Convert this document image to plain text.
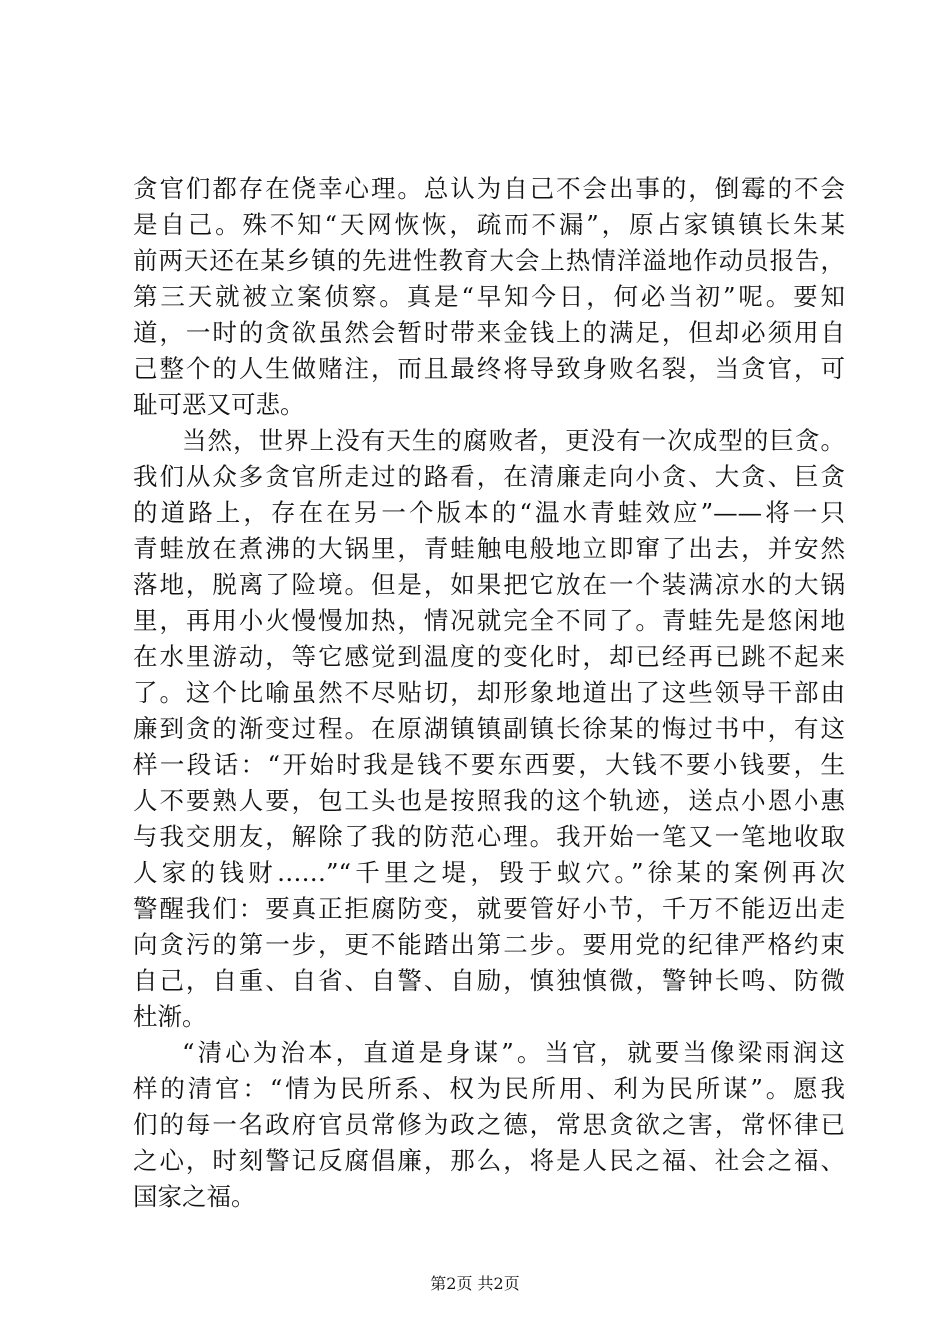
贪官们都存在侥幸心理。总认为自己不会出事的，倒霉的不会
是自己。殊不知“天网恢恢，疏而不漏”，原占家镇镇长朱某
前两天还在某乡镇的先进性教育大会上热情洋溢地作动员报告，
第三天就被立案侦察。真是“早知今日，何必当初”呢。要知
道，一时的贪欲虽然会暂时带来金钱上的满足，但却必须用自
己整个的人生做赌注，而且最终将导致身败名裂，当贪官，可
耻可恶又可悲。
当然，世界上没有天生的腐败者，更没有一次成型的巨贪。
我们从众多贪官所走过的路看，在清廉走向小贪、大贪、巨贪
的道路上，存在在另一个版本的“温水青蛙效应”——将一只
青蛙放在煮沸的大锅里，青蛙触电般地立即窜了出去，并安然
落地，脱离了险境。但是，如果把它放在一个装满凉水的大锅
里，再用小火慢慢加热，情况就完全不同了。青蛙先是悠闲地
在水里游动，等它感觉到温度的变化时，却已经再已跳不起来
了。这个比喻虽然不尽贴切，却形象地道出了这些领导干部由
廉到贪的渐变过程。在原湖镇镇副镇长徐某的悔过书中，有这
样一段话：“开始时我是钱不要东西要，大钱不要小钱要，生
人不要熟人要，包工头也是按照我的这个轨迹，送点小恩小惠
与我交朋友，解除了我的防范心理。我开始一笔又一笔地收取
人家的钱财……”“千里之堤，毁于蚁穴。”徐某的案例再次
警醒我们：要真正拒腐防变，就要管好小节，千万不能迈出走
向贪污的第一步，更不能踏出第二步。要用党的纪律严格约束
自己，自重、自省、自警、自励，慎独慎微，警钟长鸣、防微
杜渐。
“清心为治本，直道是身谋”。当官，就要当像梁雨润这
样的清官：“情为民所系、权为民所用、利为民所谋”。愿我
们的每一名政府官员常修为政之德，常思贪欲之害，常怀律已
之心，时刻警记反腐倡廉，那么，将是人民之福、社会之福、
国家之福。
第2页 共2页
